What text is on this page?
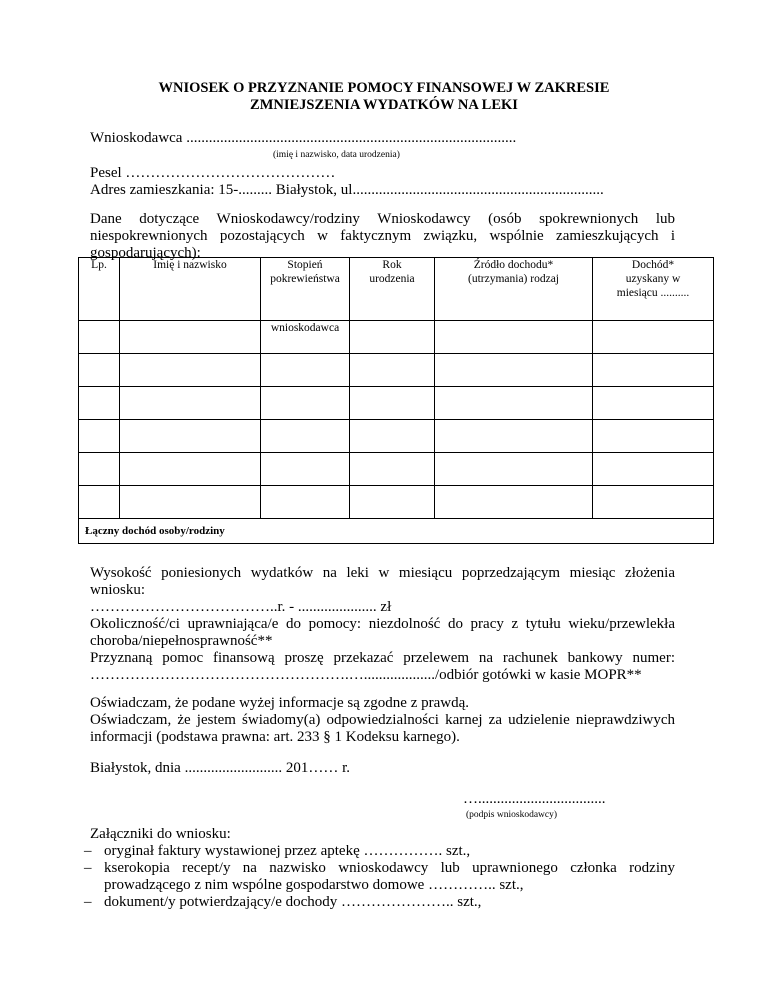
WNIOSEK O PRZYZNANIE POMOCY FINANSOWEJ W ZAKRESIE
ZMNIEJSZENIA WYDATKÓW NA LEKI
Wnioskodawca ........................................................................................
(imię i nazwisko, data urodzenia)
Pesel ……………………………………
Adres zamieszkania: 15-......... Białystok, ul...................................................................
Dane dotyczące Wnioskodawcy/rodziny Wnioskodawcy (osób spokrewnionych lub niespokrewnionych pozostających w faktycznym związku, wspólnie zamieszkujących i gospodarujących):
Lp.	Imię i nazwisko	Stopień pokrewieństwa	Rok urodzenia	Źródło dochodu* (utrzymania) rodzaj	Dochód* uzyskany w miesiącu ..........
		wnioskodawca			

Łączny dochód osoby/rodziny					
Wysokość poniesionych wydatków na leki w miesiącu poprzedzającym miesiąc złożenia wniosku:
………………………………..r. - ..................... zł
Okoliczność/ci uprawniająca/e do pomocy: niezdolność do pracy z tytułu wieku/przewlekła choroba/niepełnosprawność**
Przyznaną pomoc finansową proszę przekazać przelewem na rachunek bankowy numer: …………………………………………….….................../odbiór gotówki w kasie MOPR**
Oświadczam, że podane wyżej informacje są zgodne z prawdą.
Oświadczam, że jestem świadomy(a) odpowiedzialności karnej za udzielenie nieprawdziwych informacji (podstawa prawna: art. 233 § 1 Kodeksu karnego).
Białystok, dnia .......................... 201…… r.
…..................................
(podpis wnioskodawcy)
Załączniki do wniosku:
– oryginał faktury wystawionej przez aptekę ……………. szt.,
– kserokopia recept/y na nazwisko wnioskodawcy lub uprawnionego członka rodziny prowadzącego z nim wspólne gospodarstwo domowe ………….. szt.,
– dokument/y potwierdzający/e dochody ………………….. szt.,
